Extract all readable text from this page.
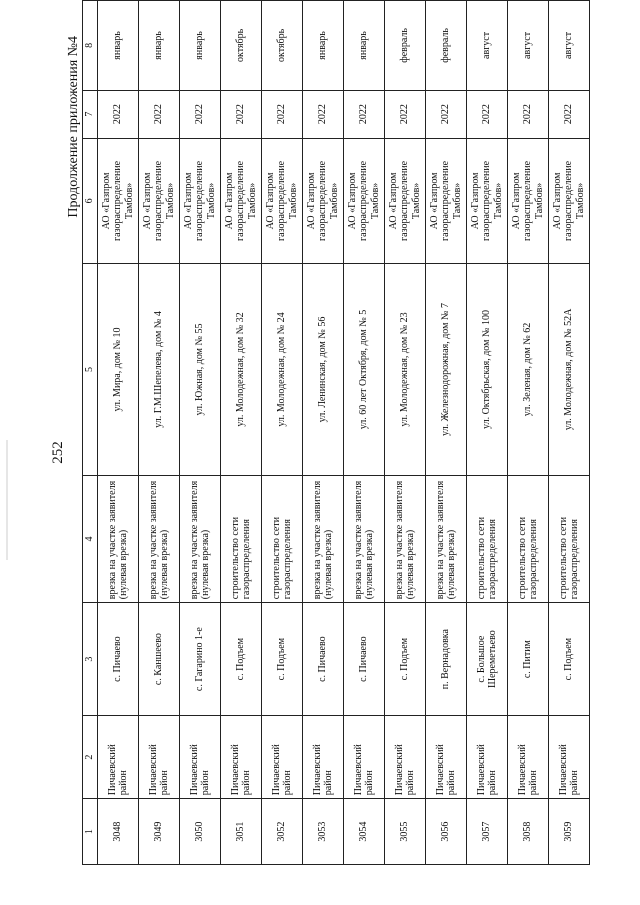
252
Продолжение приложения №4
1	2	3	4	5	6	7	8
3048	Пичаевский район	с. Пичаево	врезка на участке заявителя (нулевая врезка)	ул. Мира, дом № 10	АО «Газпром газораспределение Тамбов»	2022	январь
3049	Пичаевский район	с. Каншеево	врезка на участке заявителя (нулевая врезка)	ул. Г.М.Шепелева, дом № 4	АО «Газпром газораспределение Тамбов»	2022	январь
3050	Пичаевский район	с. Гагарино 1-е	врезка на участке заявителя (нулевая врезка)	ул. Южная, дом № 55	АО «Газпром газораспределение Тамбов»	2022	январь
3051	Пичаевский район	с. Подъем	строительство сети газораспределения	ул. Молодежная, дом № 32	АО «Газпром газораспределение Тамбов»	2022	октябрь
3052	Пичаевский район	с. Подъем	строительство сети газораспределения	ул. Молодежная, дом № 24	АО «Газпром газораспределение Тамбов»	2022	октябрь
3053	Пичаевский район	с. Пичаево	врезка на участке заявителя (нулевая врезка)	ул. Ленинская, дом № 56	АО «Газпром газораспределение Тамбов»	2022	январь
3054	Пичаевский район	с. Пичаево	врезка на участке заявителя (нулевая врезка)	ул. 60 лет Октября, дом № 5	АО «Газпром газораспределение Тамбов»	2022	январь
3055	Пичаевский район	с. Подъем	врезка на участке заявителя (нулевая врезка)	ул. Молодежная, дом № 23	АО «Газпром газораспределение Тамбов»	2022	февраль
3056	Пичаевский район	п. Вернадовка	врезка на участке заявителя (нулевая врезка)	ул. Железнодорожная, дом № 7	АО «Газпром газораспределение Тамбов»	2022	февраль
3057	Пичаевский район	с. Большое Шереметьево	строительство сети газораспределения	ул. Октябрьская, дом № 100	АО «Газпром газораспределение Тамбов»	2022	август
3058	Пичаевский район	с. Питим	строительство сети газораспределения	ул. Зеленая, дом № 62	АО «Газпром газораспределение Тамбов»	2022	август
3059	Пичаевский район	с. Подъем	строительство сети газораспределения	ул. Молодежная, дом № 52А	АО «Газпром газораспределение Тамбов»	2022	август
